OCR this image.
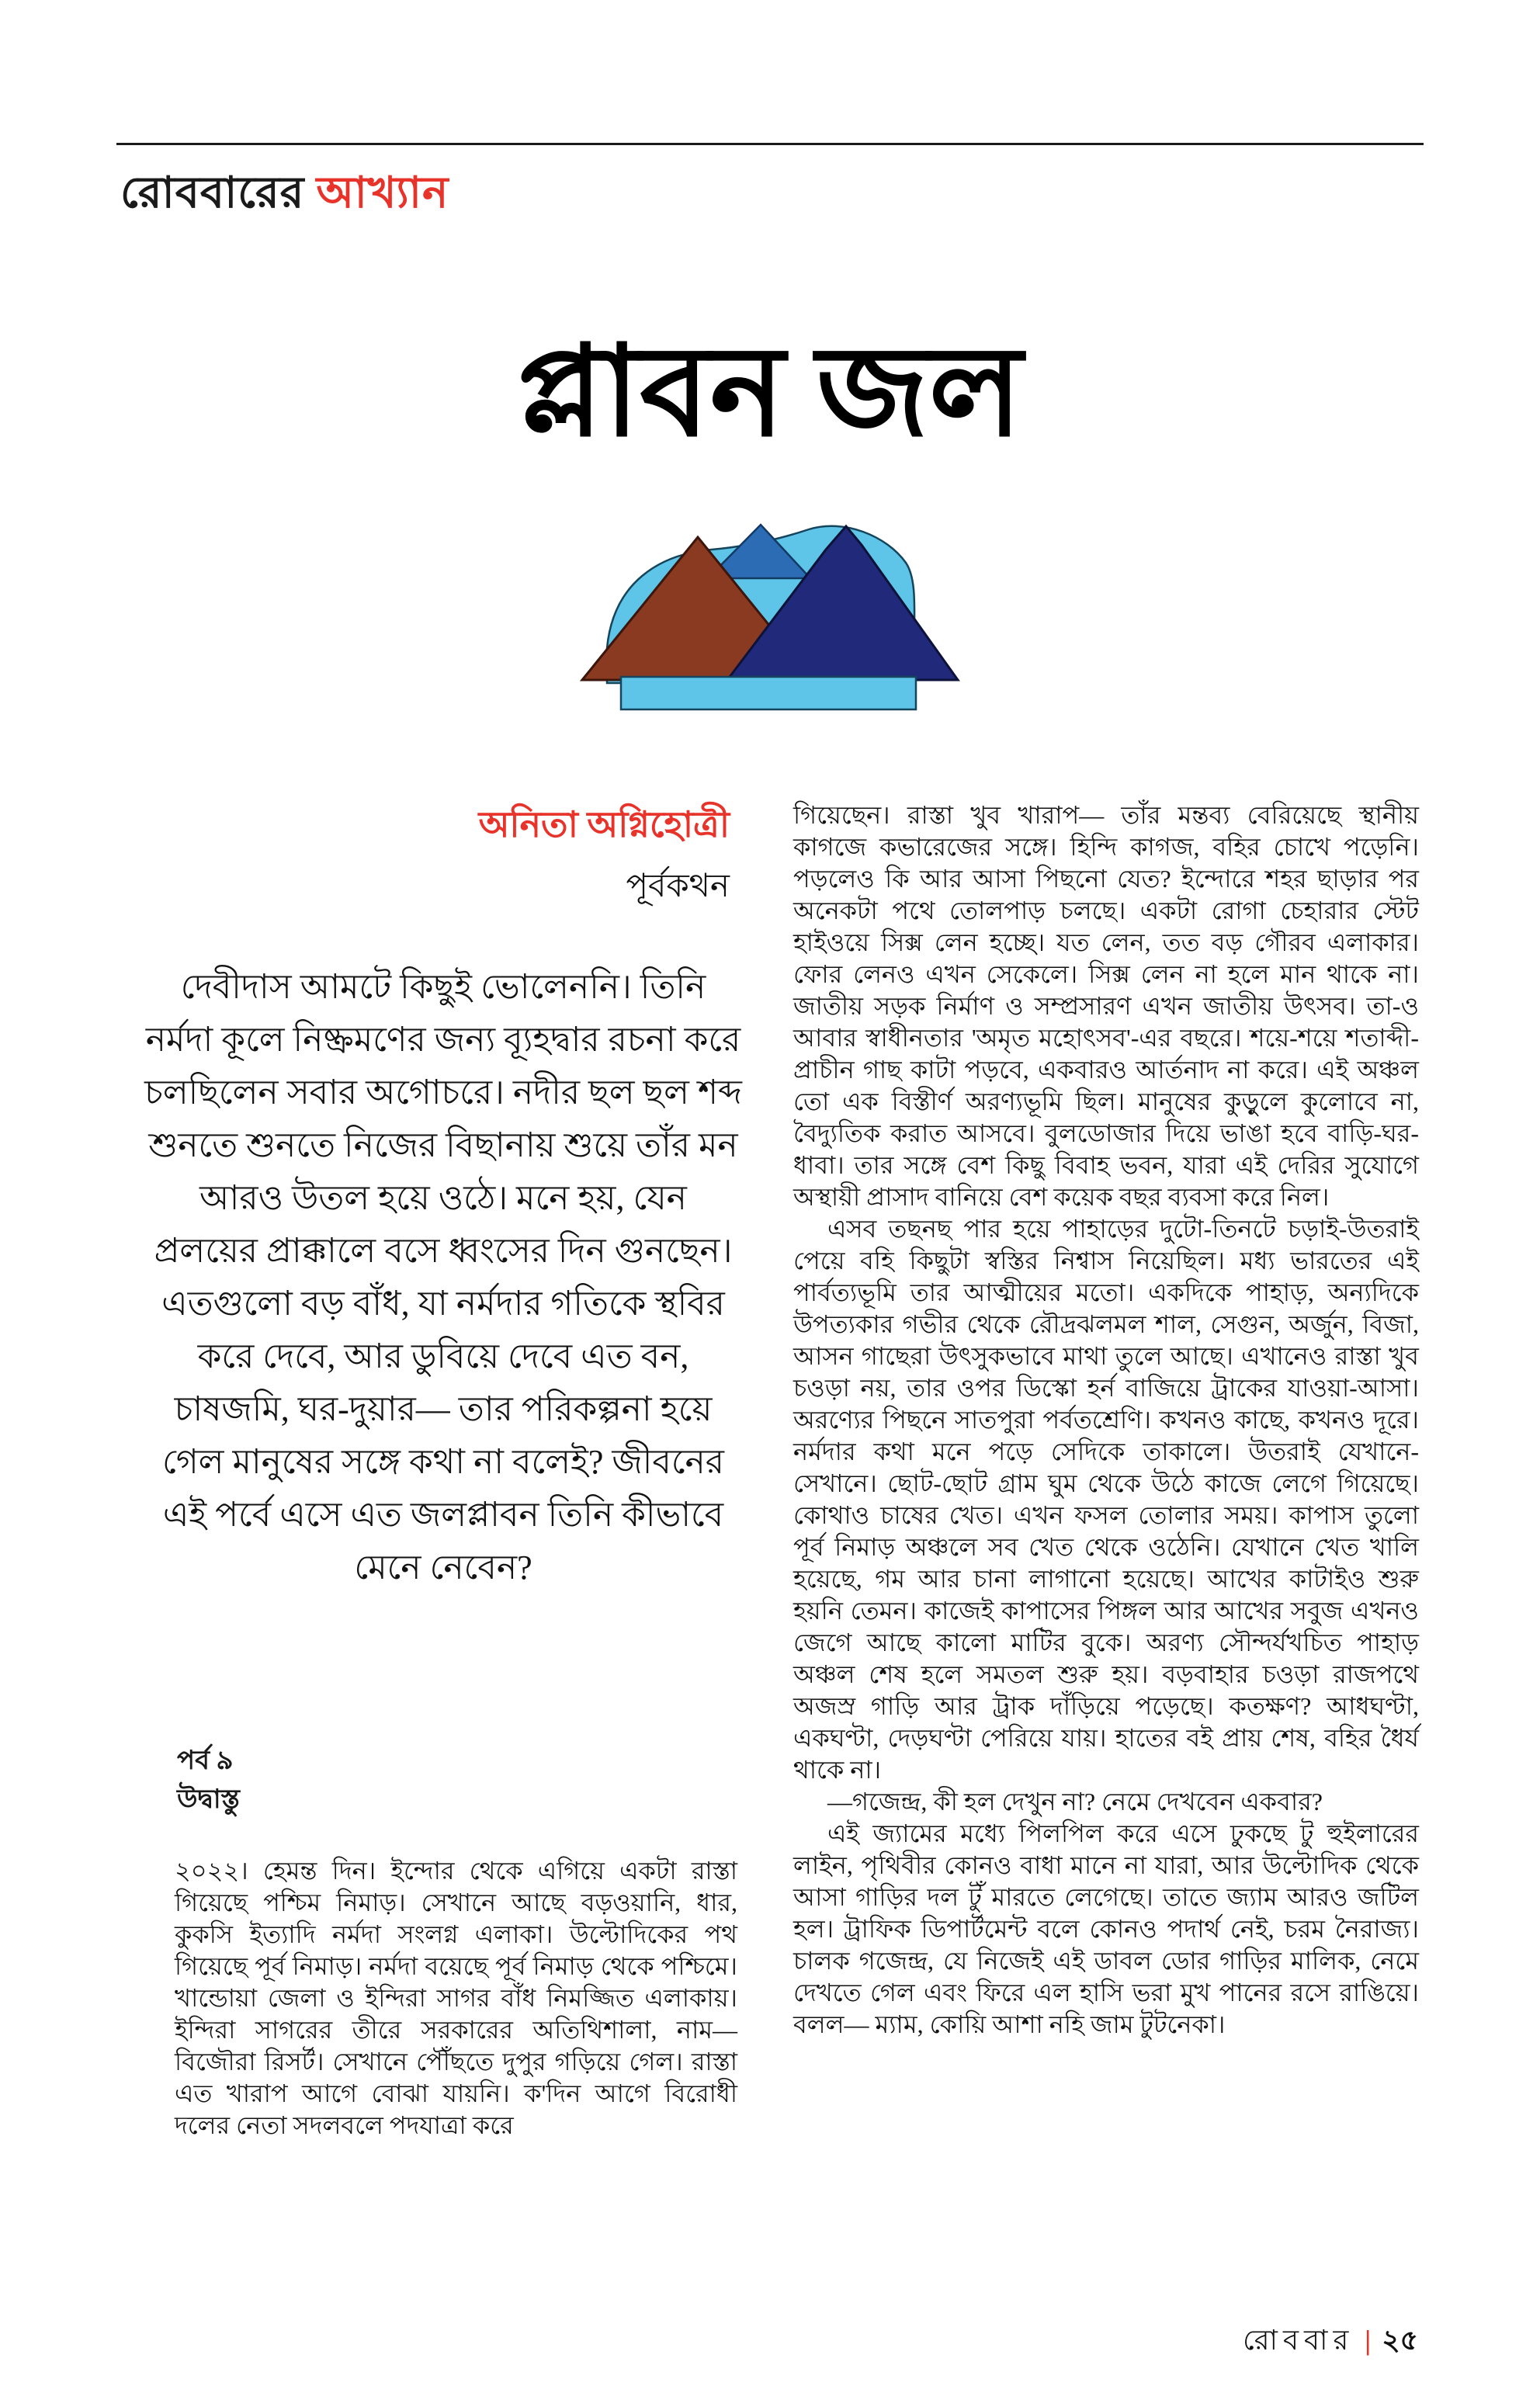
রোববারের আখ্যান
প্লাবন জল
অনিতা অগ্নিহোত্রী
পূর্বকথন
দেবীদাস আমটে কিছুই ভোলেননি। তিনি নর্মদা কূলে নিষ্ক্রমণের জন্য ব্যূহদ্বার রচনা করে চলছিলেন সবার অগোচরে। নদীর ছল ছল শব্দ শুনতে শুনতে নিজের বিছানায় শুয়ে তাঁর মন আরও উতল হয়ে ওঠে। মনে হয়, যেন প্রলয়ের প্রাক্কালে বসে ধ্বংসের দিন গুনছেন। এতগুলো বড় বাঁধ, যা নর্মদার গতিকে স্থবির করে দেবে, আর ডুবিয়ে দেবে এত বন, চাষজমি, ঘর-দুয়ার— তার পরিকল্পনা হয়ে গেল মানুষের সঙ্গে কথা না বলেই? জীবনের এই পর্বে এসে এত জলপ্লাবন তিনি কীভাবে মেনে নেবেন?
পর্ব ৯
উদ্বাস্তু

২০২২। হেমন্ত দিন। ইন্দোর থেকে এগিয়ে একটা রাস্তা গিয়েছে পশ্চিম নিমাড়। সেখানে আছে বড়ওয়ানি, ধার, কুকসি ইত্যাদি নর্মদা সংলগ্ন এলাকা। উল্টোদিকের পথ গিয়েছে পূর্ব নিমাড়। নর্মদা বয়েছে পূর্ব নিমাড় থেকে পশ্চিমে। খান্ডোয়া জেলা ও ইন্দিরা সাগর বাঁধ নিমজ্জিত এলাকায়। ইন্দিরা সাগরের তীরে সরকারের অতিথিশালা, নাম— বিজৌরা রিসর্ট। সেখানে পৌঁছতে দুপুর গড়িয়ে গেল। রাস্তা এত খারাপ আগে বোঝা যায়নি। ক'দিন আগে বিরোধী দলের নেতা সদলবলে পদযাত্রা করে

গিয়েছেন। রাস্তা খুব খারাপ— তাঁর মন্তব্য বেরিয়েছে স্থানীয় কাগজে কভারেজের সঙ্গে। হিন্দি কাগজ, বহির চোখে পড়েনি। পড়লেও কি আর আসা পিছনো যেত? ইন্দোরে শহর ছাড়ার পর অনেকটা পথে তোলপাড় চলছে। একটা রোগা চেহারার স্টেট হাইওয়ে সিক্স লেন হচ্ছে। যত লেন, তত বড় গৌরব এলাকার। ফোর লেনও এখন সেকেলে। সিক্স লেন না হলে মান থাকে না। জাতীয় সড়ক নির্মাণ ও সম্প্রসারণ এখন জাতীয় উৎসব। তা-ও আবার স্বাধীনতার 'অমৃত মহোৎসব'-এর বছরে। শয়ে-শয়ে শতাব্দী-প্রাচীন গাছ কাটা পড়বে, একবারও আর্তনাদ না করে। এই অঞ্চল তো এক বিস্তীর্ণ অরণ্যভূমি ছিল। মানুষের কুড়ুলে কুলোবে না, বৈদ্যুতিক করাত আসবে। বুলডোজার দিয়ে ভাঙা হবে বাড়ি-ঘর-ধাবা। তার সঙ্গে বেশ কিছু বিবাহ ভবন, যারা এই দেরির সুযোগে অস্থায়ী প্রাসাদ বানিয়ে বেশ কয়েক বছর ব্যবসা করে নিল।

এসব তছনছ পার হয়ে পাহাড়ের দুটো-তিনটে চড়াই-উতরাই পেয়ে বহি কিছুটা স্বস্তির নিশ্বাস নিয়েছিল। মধ্য ভারতের এই পার্বত্যভূমি তার আত্মীয়ের মতো। একদিকে পাহাড়, অন্যদিকে উপত্যকার গভীর থেকে রৌদ্রঝলমল শাল, সেগুন, অর্জুন, বিজা, আসন গাছেরা উৎসুকভাবে মাথা তুলে আছে। এখানেও রাস্তা খুব চওড়া নয়, তার ওপর ডিস্কো হর্ন বাজিয়ে ট্রাকের যাওয়া-আসা। অরণ্যের পিছনে সাতপুরা পর্বতশ্রেণি। কখনও কাছে, কখনও দূরে। নর্মদার কথা মনে পড়ে সেদিকে তাকালে। উতরাই যেখানে-সেখানে। ছোট-ছোট গ্রাম ঘুম থেকে উঠে কাজে লেগে গিয়েছে। কোথাও চাষের খেত। এখন ফসল তোলার সময়। কাপাস তুলো পূর্ব নিমাড় অঞ্চলে সব খেত থেকে ওঠেনি। যেখানে খেত খালি হয়েছে, গম আর চানা লাগানো হয়েছে। আখের কাটাইও শুরু হয়নি তেমন। কাজেই কাপাসের পিঙ্গল আর আখের সবুজ এখনও জেগে আছে কালো মাটির বুকে। অরণ্য সৌন্দর্যখচিত পাহাড় অঞ্চল শেষ হলে সমতল শুরু হয়। বড়বাহার চওড়া রাজপথে অজস্র গাড়ি আর ট্রাক দাঁড়িয়ে পড়েছে। কতক্ষণ? আধঘণ্টা, একঘণ্টা, দেড়ঘণ্টা পেরিয়ে যায়। হাতের বই প্রায় শেষ, বহির ধৈর্য থাকে না।

—গজেন্দ্র, কী হল দেখুন না? নেমে দেখবেন একবার?

এই জ্যামের মধ্যে পিলপিল করে এসে ঢুকছে টু হুইলারের লাইন, পৃথিবীর কোনও বাধা মানে না যারা, আর উল্টোদিক থেকে আসা গাড়ির দল টুঁ মারতে লেগেছে। তাতে জ্যাম আরও জটিল হল। ট্রাফিক ডিপার্টমেন্ট বলে কোনও পদার্থ নেই, চরম নৈরাজ্য। চালক গজেন্দ্র, যে নিজেই এই ডাবল ডোর গাড়ির মালিক, নেমে দেখতে গেল এবং ফিরে এল হাসি ভরা মুখ পানের রসে রাঙিয়ে। বলল— ম্যাম, কোয়ি আশা নহি জাম টুটনেকা।

রোববার | ২৫
